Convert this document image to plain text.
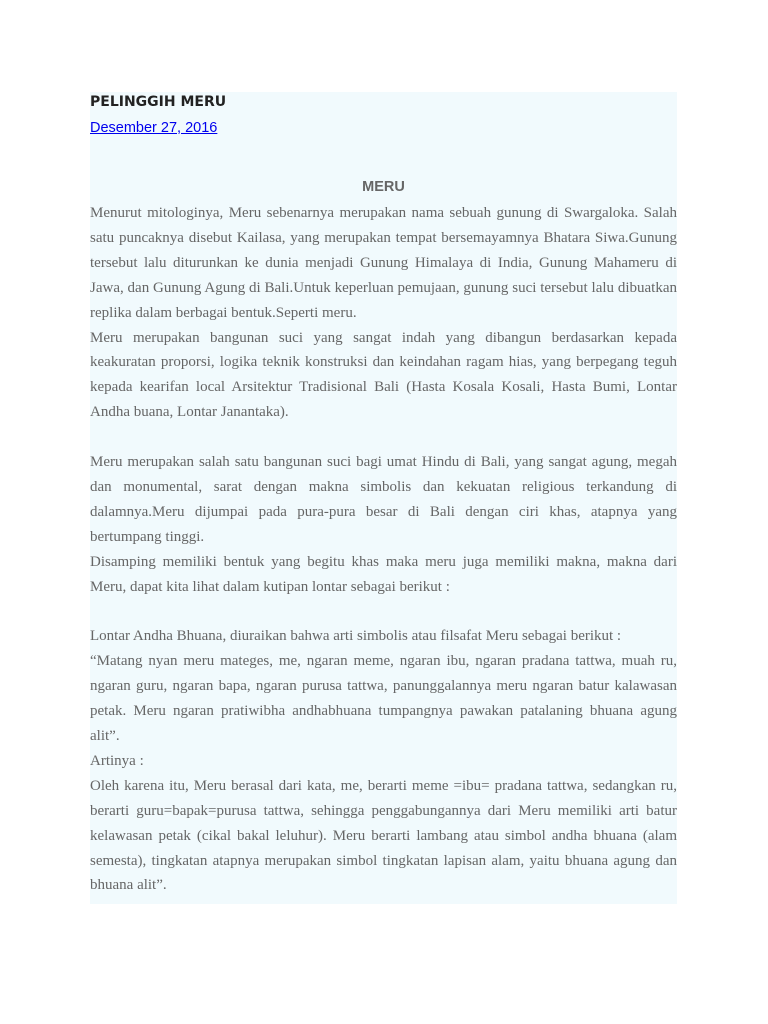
PELINGGIH MERU
Desember 27, 2016
MERU

Menurut mitologinya, Meru sebenarnya merupakan nama sebuah gunung di Swargaloka. Salah satu puncaknya disebut Kailasa, yang merupakan tempat bersemayamnya Bhatara Siwa.Gunung tersebut lalu diturunkan ke dunia menjadi Gunung Himalaya di India, Gunung Mahameru di Jawa, dan Gunung Agung di Bali.Untuk keperluan pemujaan, gunung suci tersebut lalu dibuatkan replika dalam berbagai bentuk.Seperti meru.

Meru merupakan bangunan suci yang sangat indah yang dibangun berdasarkan kepada keakuratan proporsi, logika teknik konstruksi dan keindahan ragam hias, yang berpegang teguh kepada kearifan local Arsitektur Tradisional Bali (Hasta Kosala Kosali, Hasta Bumi, Lontar Andha buana, Lontar Janantaka).

Meru merupakan salah satu bangunan suci bagi umat Hindu di Bali, yang sangat agung, megah dan monumental, sarat dengan makna simbolis dan kekuatan religious terkandung di dalamnya.Meru dijumpai pada pura-pura besar di Bali dengan ciri khas, atapnya yang bertumpang tinggi.

Disamping memiliki bentuk yang begitu khas maka meru juga memiliki makna, makna dari Meru, dapat kita lihat dalam kutipan lontar sebagai berikut :

Lontar Andha Bhuana, diuraikan bahwa arti simbolis atau filsafat Meru sebagai berikut :

“Matang nyan meru mateges, me, ngaran meme, ngaran ibu, ngaran pradana tattwa, muah ru, ngaran guru, ngaran bapa, ngaran purusa tattwa, panunggalannya meru ngaran batur kalawasan petak. Meru ngaran pratiwibha andhabhuana tumpangnya pawakan patalaning bhuana agung alit”.

Artinya :

Oleh karena itu, Meru berasal dari kata, me, berarti meme =ibu= pradana tattwa, sedangkan ru, berarti guru=bapak=purusa tattwa, sehingga penggabungannya dari Meru memiliki arti batur kelawasan petak (cikal bakal leluhur). Meru berarti lambang atau simbol andha bhuana (alam semesta), tingkatan atapnya merupakan simbol tingkatan lapisan alam, yaitu bhuana agung dan bhuana alit”.
